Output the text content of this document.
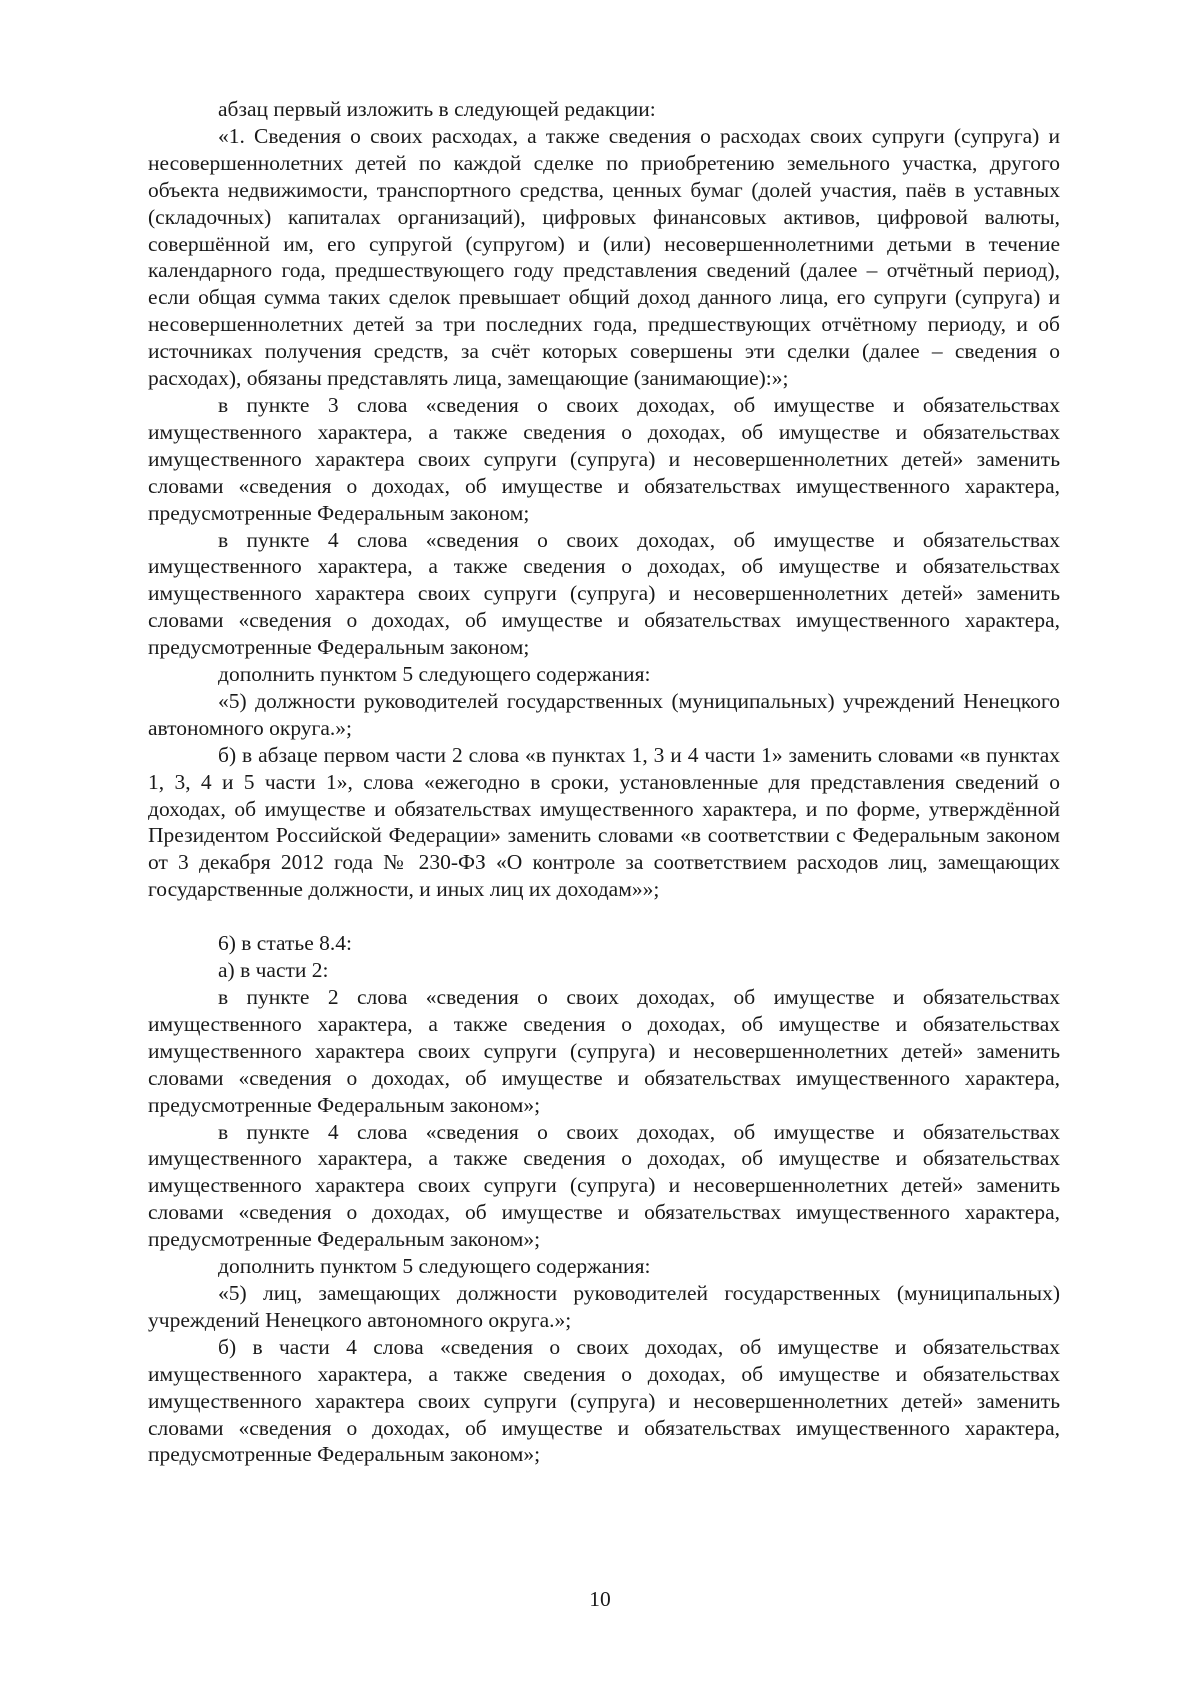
абзац первый изложить в следующей редакции:

«1. Сведения о своих расходах, а также сведения о расходах своих супруги (супруга) и несовершеннолетних детей по каждой сделке по приобретению земельного участка, другого объекта недвижимости, транспортного средства, ценных бумаг (долей участия, паёв в уставных (складочных) капиталах организаций), цифровых финансовых активов, цифровой валюты, совершённой им, его супругой (супругом) и (или) несовершеннолетними детьми в течение календарного года, предшествующего году представления сведений (далее – отчётный период), если общая сумма таких сделок превышает общий доход данного лица, его супруги (супруга) и несовершеннолетних детей за три последних года, предшествующих отчётному периоду, и об источниках получения средств, за счёт которых совершены эти сделки (далее – сведения о расходах), обязаны представлять лица, замещающие (занимающие):»;

в пункте 3 слова «сведения о своих доходах, об имуществе и обязательствах имущественного характера, а также сведения о доходах, об имуществе и обязательствах имущественного характера своих супруги (супруга) и несовершеннолетних детей» заменить словами «сведения о доходах, об имуществе и обязательствах имущественного характера, предусмотренные Федеральным законом;

в пункте 4 слова «сведения о своих доходах, об имуществе и обязательствах имущественного характера, а также сведения о доходах, об имуществе и обязательствах имущественного характера своих супруги (супруга) и несовершеннолетних детей» заменить словами «сведения о доходах, об имуществе и обязательствах имущественного характера, предусмотренные Федеральным законом;

дополнить пунктом 5 следующего содержания:

«5) должности руководителей государственных (муниципальных) учреждений Ненецкого автономного округа.»;

б) в абзаце первом части 2 слова «в пунктах 1, 3 и 4 части 1» заменить словами «в пунктах 1, 3, 4 и 5 части 1», слова «ежегодно в сроки, установленные для представления сведений о доходах, об имуществе и обязательствах имущественного характера, и по форме, утверждённой Президентом Российской Федерации» заменить словами «в соответствии с Федеральным законом от 3 декабря 2012 года № 230-ФЗ «О контроле за соответствием расходов лиц, замещающих государственные должности, и иных лиц их доходам»»;

6) в статье 8.4:

а) в части 2:

в пункте 2 слова «сведения о своих доходах, об имуществе и обязательствах имущественного характера, а также сведения о доходах, об имуществе и обязательствах имущественного характера своих супруги (супруга) и несовершеннолетних детей» заменить словами «сведения о доходах, об имуществе и обязательствах имущественного характера, предусмотренные Федеральным законом»;

в пункте 4 слова «сведения о своих доходах, об имуществе и обязательствах имущественного характера, а также сведения о доходах, об имуществе и обязательствах имущественного характера своих супруги (супруга) и несовершеннолетних детей» заменить словами «сведения о доходах, об имуществе и обязательствах имущественного характера, предусмотренные Федеральным законом»;

дополнить пунктом 5 следующего содержания:

«5) лиц, замещающих должности руководителей государственных (муниципальных) учреждений Ненецкого автономного округа.»;

б) в части 4 слова «сведения о своих доходах, об имуществе и обязательствах имущественного характера, а также сведения о доходах, об имуществе и обязательствах имущественного характера своих супруги (супруга) и несовершеннолетних детей» заменить словами «сведения о доходах, об имуществе и обязательствах имущественного характера, предусмотренные Федеральным законом»;

10
